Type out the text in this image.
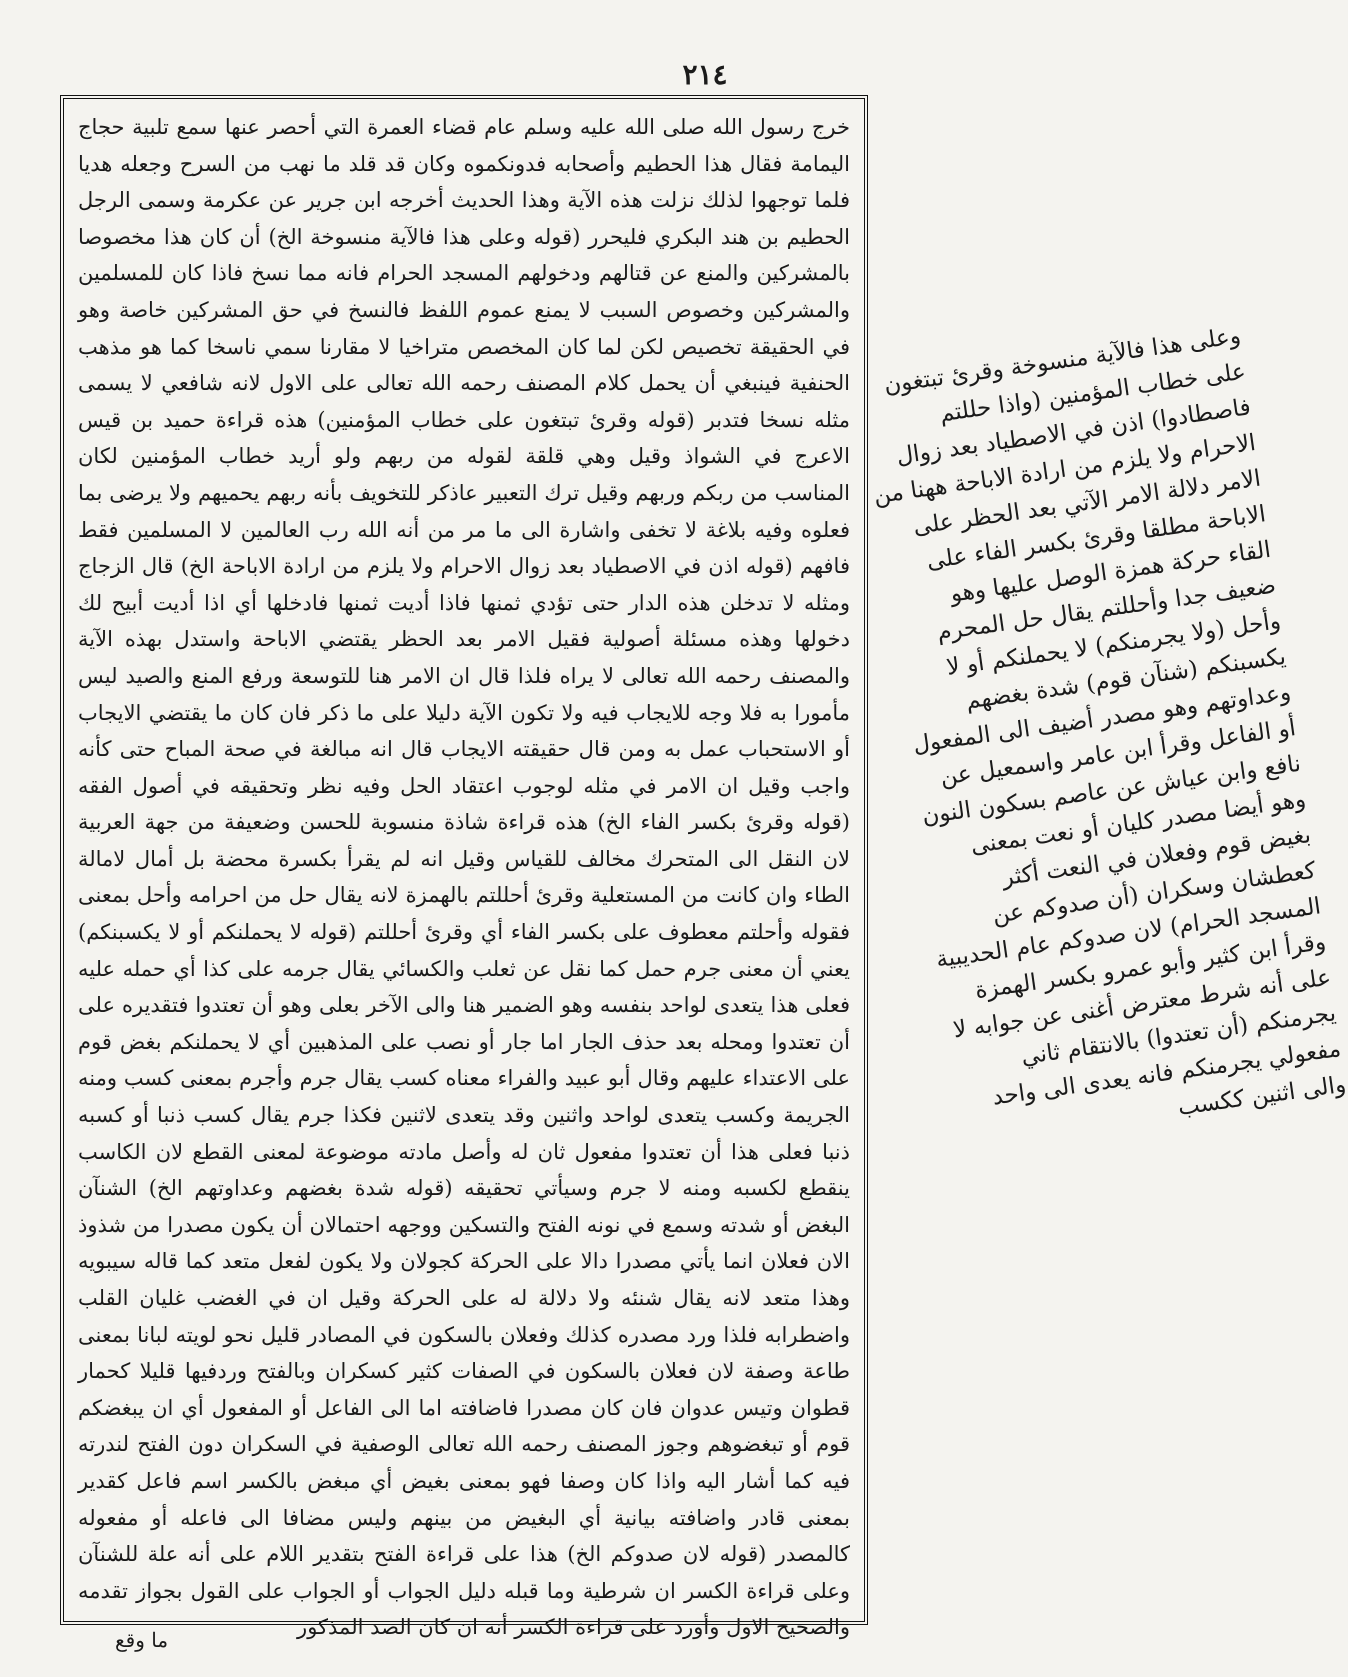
٢١٤

خرج رسول الله صلى الله عليه وسلم عام قضاء العمرة التي أحصر عنها سمع تلبية حجاج اليمامة فقال هذا الحطيم وأصحابه فدونكموه وكان قد قلد ما نهب من السرح وجعله هديا فلما توجهوا لذلك نزلت هذه الآية وهذا الحديث أخرجه ابن جرير عن عكرمة وسمى الرجل الحطيم بن هند البكري فليحرر (قوله وعلى هذا فالآية منسوخة الخ) أن كان هذا مخصوصا بالمشركين والمنع عن قتالهم ودخولهم المسجد الحرام فانه مما نسخ فاذا كان للمسلمين والمشركين وخصوص السبب لا يمنع عموم اللفظ فالنسخ في حق المشركين خاصة وهو في الحقيقة تخصيص لكن لما كان المخصص متراخيا لا مقارنا سمي ناسخا كما هو مذهب الحنفية فينبغي أن يحمل كلام المصنف رحمه الله تعالى على الاول لانه شافعي لا يسمى مثله نسخا فتدبر (قوله وقرئ تبتغون على خطاب المؤمنين) هذه قراءة حميد بن قيس الاعرج في الشواذ وقيل وهي قلقة لقوله من ربهم ولو أريد خطاب المؤمنين لكان المناسب من ربكم وربهم وقيل ترك التعبير عاذكر للتخويف بأنه ربهم يحميهم ولا يرضى بما فعلوه وفيه بلاغة لا تخفى واشارة الى ما مر من أنه الله رب العالمين لا المسلمين فقط فافهم (قوله اذن في الاصطياد بعد زوال الاحرام ولا يلزم من ارادة الاباحة الخ) قال الزجاج ومثله لا تدخلن هذه الدار حتى تؤدي ثمنها فاذا أديت ثمنها فادخلها أي اذا أديت أبيح لك دخولها وهذه مسئلة أصولية فقيل الامر بعد الحظر يقتضي الاباحة واستدل بهذه الآية والمصنف رحمه الله تعالى لا يراه فلذا قال ان الامر هنا للتوسعة ورفع المنع والصيد ليس مأمورا به فلا وجه للايجاب فيه ولا تكون الآية دليلا على ما ذكر فان كان ما يقتضي الايجاب أو الاستحباب عمل به ومن قال حقيقته الايجاب قال انه مبالغة في صحة المباح حتى كأنه واجب وقيل ان الامر في مثله لوجوب اعتقاد الحل وفيه نظر وتحقيقه في أصول الفقه (قوله وقرئ بكسر الفاء الخ) هذه قراءة شاذة منسوبة للحسن وضعيفة من جهة العربية لان النقل الى المتحرك مخالف للقياس وقيل انه لم يقرأ بكسرة محضة بل أمال لامالة الطاء وان كانت من المستعلية وقرئ أحللتم بالهمزة لانه يقال حل من احرامه وأحل بمعنى فقوله وأحلتم معطوف على بكسر الفاء أي وقرئ أحللتم (قوله لا يحملنكم أو لا يكسبنكم) يعني أن معنى جرم حمل كما نقل عن ثعلب والكسائي يقال جرمه على كذا أي حمله عليه فعلى هذا يتعدى لواحد بنفسه وهو الضمير هنا والى الآخر بعلى وهو أن تعتدوا فتقديره على أن تعتدوا ومحله بعد حذف الجار اما جار أو نصب على المذهبين أي لا يحملنكم بغض قوم على الاعتداء عليهم وقال أبو عبيد والفراء معناه كسب يقال جرم وأجرم بمعنى كسب ومنه الجريمة وكسب يتعدى لواحد واثنين وقد يتعدى لاثنين فكذا جرم يقال كسب ذنبا أو كسبه ذنبا فعلى هذا أن تعتدوا مفعول ثان له وأصل مادته موضوعة لمعنى القطع لان الكاسب ينقطع لكسبه ومنه لا جرم وسيأتي تحقيقه (قوله شدة بغضهم وعداوتهم الخ) الشنآن البغض أو شدته وسمع في نونه الفتح والتسكين ووجهه احتمالان أن يكون مصدرا من شذوذ الان فعلان انما يأتي مصدرا دالا على الحركة كجولان ولا يكون لفعل متعد كما قاله سيبويه وهذا متعد لانه يقال شنئه ولا دلالة له على الحركة وقيل ان في الغضب غليان القلب واضطرابه فلذا ورد مصدره كذلك وفعلان بالسكون في المصادر قليل نحو لويته لبانا بمعنى طاعة وصفة لان فعلان بالسكون في الصفات كثير كسكران وبالفتح وردفيها قليلا كحمار قطوان وتيس عدوان فان كان مصدرا فاضافته اما الى الفاعل أو المفعول أي ان يبغضكم قوم أو تبغضوهم وجوز المصنف رحمه الله تعالى الوصفية في السكران دون الفتح لندرته فيه كما أشار اليه واذا كان وصفا فهو بمعنى بغيض أي مبغض بالكسر اسم فاعل كقدير بمعنى قادر واضافته بيانية أي البغيض من بينهم وليس مضافا الى فاعله أو مفعوله كالمصدر (قوله لان صدوكم الخ) هذا على قراءة الفتح بتقدير اللام على أنه علة للشنآن وعلى قراءة الكسر ان شرطية وما قبله دليل الجواب أو الجواب على القول بجواز تقدمه والصحيح الاول وأورد على قراءة الكسر أنه ان كان الصد المذكور

وعلى هذا فالآية منسوخة وقرئ تبتغون على خطاب المؤمنين (واذا حللتم فاصطادوا) اذن في الاصطياد بعد زوال الاحرام ولا يلزم من ارادة الاباحة ههنا من الامر دلالة الامر الآتي بعد الحظر على الاباحة مطلقا وقرئ بكسر الفاء على القاء حركة همزة الوصل عليها وهو ضعيف جدا وأحللتم يقال حل المحرم وأحل (ولا يجرمنكم) لا يحملنكم أو لا يكسبنكم (شنآن قوم) شدة بغضهم وعداوتهم وهو مصدر أضيف الى المفعول أو الفاعل وقرأ ابن عامر واسمعيل عن نافع وابن عياش عن عاصم بسكون النون وهو أيضا مصدر كليان أو نعت بمعنى بغيض قوم وفعلان في النعت أكثر كعطشان وسكران (أن صدوكم عن المسجد الحرام) لان صدوكم عام الحديبية وقرأ ابن كثير وأبو عمرو بكسر الهمزة على أنه شرط معترض أغنى عن جوابه لا يجرمنكم (أن تعتدوا) بالانتقام ثاني مفعولي يجرمنكم فانه يعدى الى واحد والى اثنين ككسب

ما وقع
